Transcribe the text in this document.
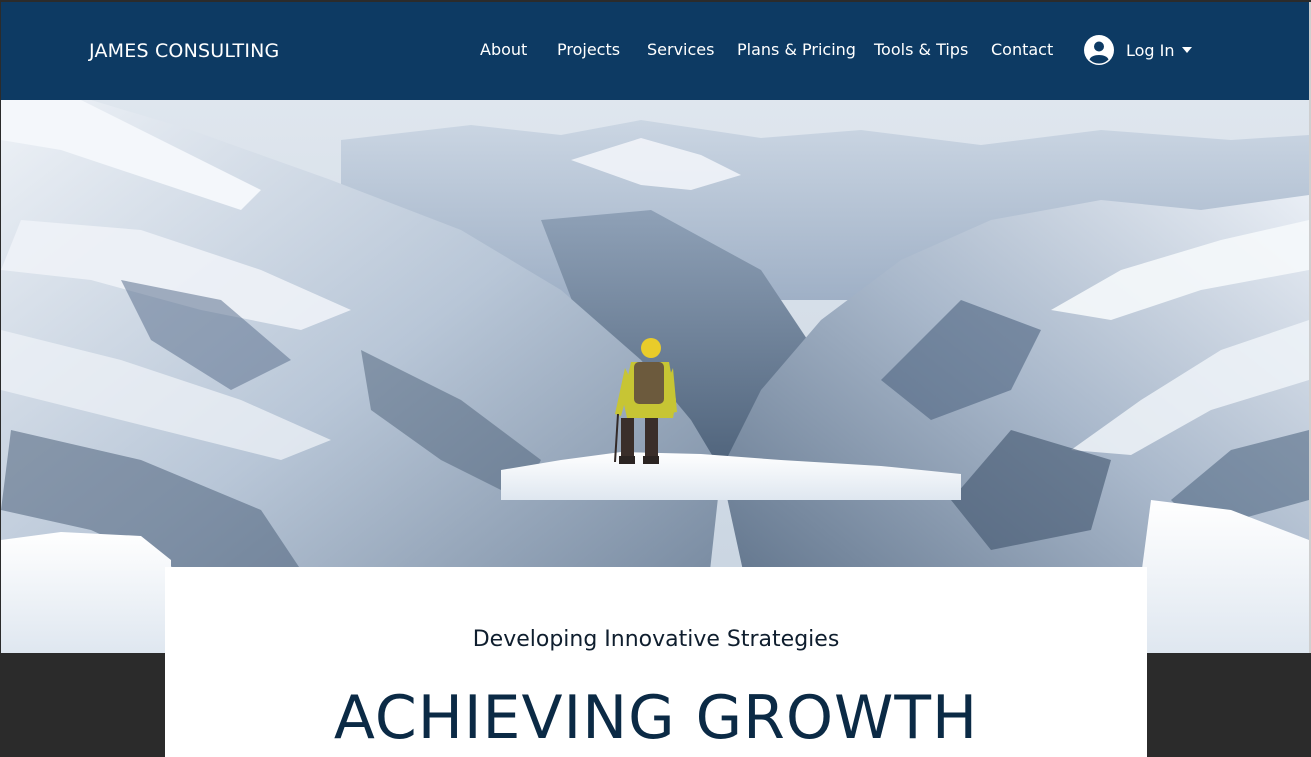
JAMES CONSULTING	About Projects Services Plans & Pricing Tools & Tips Contact	Log In
Developing Innovative Strategies
ACHIEVING GROWTH
